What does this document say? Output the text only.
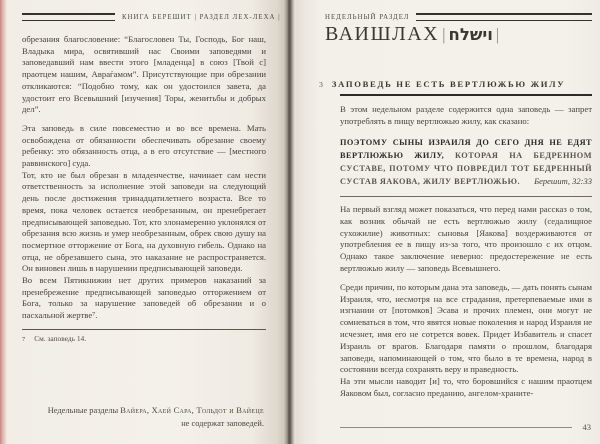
КНИГА БЕРЕШИТ | РАЗДЕЛ ЛЕХ-ЛЕХА |

обрезания благословение: “Благословен Ты, Господь, Бог наш, Владыка мира, освятивший нас Своими заповедями и заповедавший нам ввести этого [младенца] в союз [Твой с] праотцем нашим, Авраѓамом”. Присутствующие при обрезании откликаются: “Подобно тому, как он удостоился завета, да удостоит его Всевышний [изучения] Торы, женитьбы и добрых дел”.

Эта заповедь в силе повсеместно и во все времена. Мать освобождена от обязанности обеспечивать обрезание своему ребенку: это обязанность отца, а в его отсутствие — [местного раввинского] суда.

Тот, кто не был обрезан в младенчестве, начинает сам нести ответственность за исполнение этой заповеди на следующий день после достижения тринадцатилетнего возраста. Все то время, пока человек остается необрезанным, он пренебрегает предписывающей заповедью. Тот, кто злонамеренно уклонялся от обрезания всю жизнь и умер необрезанным, обрек свою душу на посмертное отторжение от Бога, на духовную гибель. Однако на отца, не обрезавшего сына, это наказание не распространяется. Он виновен лишь в нарушении предписывающей заповеди.

Во всем Пятикнижии нет других примеров наказаний за пренебрежение предписывающей заповедью отторжением от Бога, только за нарушение заповедей об обрезании и о пасхальной жертве⁷.

7 См. заповедь 14.
Недельные разделы Вайера, Хаей Сара, Тольдот и Вайеце
не содержат заповедей.
НЕДЕЛЬНЫЙ РАЗДЕЛ
ВАИШЛАХ | וישלח |
3 ЗАПОВЕДЬ НЕ ЕСТЬ ВЕРТЛЮЖЬЮ ЖИЛУ

В этом недельном разделе содержится одна заповедь — запрет употреблять в пищу вертлюжью жилу, как сказано:

ПОЭТОМУ СЫНЫ ИЗРАИЛЯ ДО СЕГО ДНЯ НЕ ЕДЯТ ВЕРТЛЮЖЬЮ ЖИЛУ, КОТОРАЯ НА БЕДРЕННОМ СУСТАВЕ, ПОТОМУ ЧТО ПОВРЕДИЛ ТОТ БЕДРЕННЫЙ СУСТАВ ЯАКОВА, ЖИЛУ ВЕРТЛЮЖЬЮ.	Берешит, 32:33

На первый взгляд может показаться, что перед нами рассказ о том, как возник обычай не есть вертлюжью жилу (седалищное сухожилие) животных: сыновья [Яакова] воздерживаются от употребления ее в пищу из-за того, что произошло с их отцом. Однако такое заключение неверно: предостережение не есть вертлюжью жилу — заповедь Всевышнего.

Среди причин, по которым дана эта заповедь, — дать понять сынам Израиля, что, несмотря на все страдания, претерпеваемые ими в изгнании от [потомков] Эсава и прочих племен, они могут не сомневаться в том, что явятся новые поколения и народ Израиля не исчезнет, имя его не сотрется вовек. Придет Избавитель и спасет Израиль от врагов. Благодаря памяти о прошлом, благодаря заповеди, напоминающей о том, что было в те времена, народ в состоянии всегда сохранять веру и праведность.

На эти мысли наводит [и] то, что боровшийся с нашим праотцем Яаковом был, согласно преданию, ангелом-храните-

43
